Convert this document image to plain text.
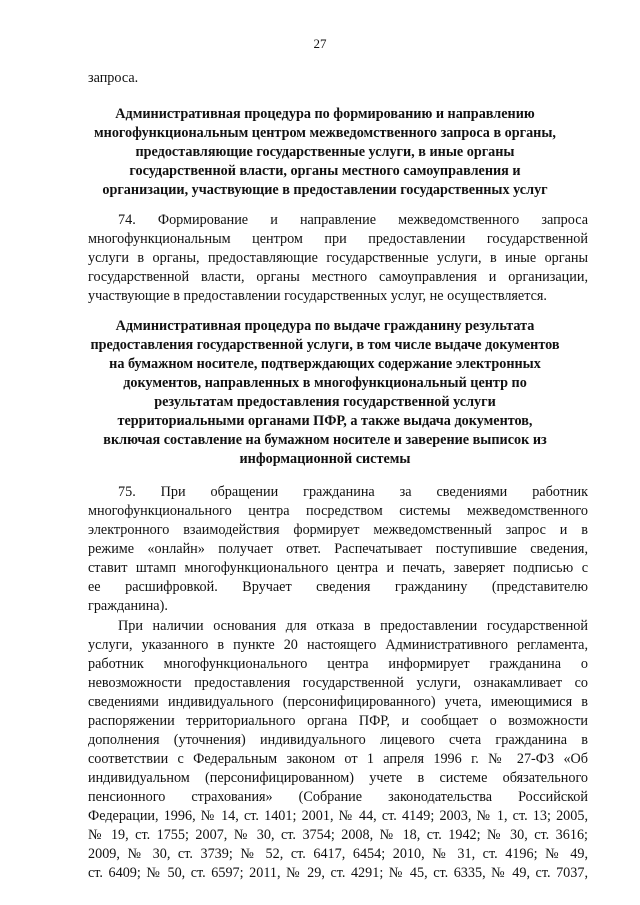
27
запроса.
Административная процедура по формированию и направлению
многофункциональным центром межведомственного запроса в органы,
предоставляющие государственные услуги, в иные органы
государственной власти, органы местного самоуправления и
организации, участвующие в предоставлении государственных услуг
74. Формирование и направление межведомственного запроса
многофункциональным центром при предоставлении государственной
услуги в органы, предоставляющие государственные услуги, в иные органы
государственной власти, органы местного самоуправления и организации,
участвующие в предоставлении государственных услуг, не осуществляется.
Административная процедура по выдаче гражданину результата
предоставления государственной услуги, в том числе выдаче документов
на бумажном носителе, подтверждающих содержание электронных
документов, направленных в многофункциональный центр по
результатам предоставления государственной услуги
территориальными органами ПФР, а также выдача документов,
включая составление на бумажном носителе и заверение выписок из
информационной системы
75. При обращении гражданина за сведениями работник
многофункционального центра посредством системы межведомственного
электронного взаимодействия формирует межведомственный запрос и в
режиме «онлайн» получает ответ. Распечатывает поступившие сведения,
ставит штамп многофункционального центра и печать, заверяет подписью с
ее расшифровкой. Вручает сведения гражданину (представителю
гражданина).
При наличии основания для отказа в предоставлении государственной
услуги, указанного в пункте 20 настоящего Административного регламента,
работник многофункционального центра информирует гражданина о
невозможности предоставления государственной услуги, ознакамливает со
сведениями индивидуального (персонифицированного) учета, имеющимися в
распоряжении территориального органа ПФР, и сообщает о возможности
дополнения (уточнения) индивидуального лицевого счета гражданина в
соответствии с Федеральным законом от 1 апреля 1996 г. № 27-ФЗ «Об
индивидуальном (персонифицированном) учете в системе обязательного
пенсионного страхования» (Собрание законодательства Российской
Федерации, 1996, № 14, ст. 1401; 2001, № 44, ст. 4149; 2003, № 1, ст. 13; 2005,
№ 19, ст. 1755; 2007, № 30, ст. 3754; 2008, № 18, ст. 1942; № 30, ст. 3616;
2009, № 30, ст. 3739; № 52, ст. 6417, 6454; 2010, № 31, ст. 4196; № 49,
ст. 6409; № 50, ст. 6597; 2011, № 29, ст. 4291; № 45, ст. 6335, № 49, ст. 7037,
